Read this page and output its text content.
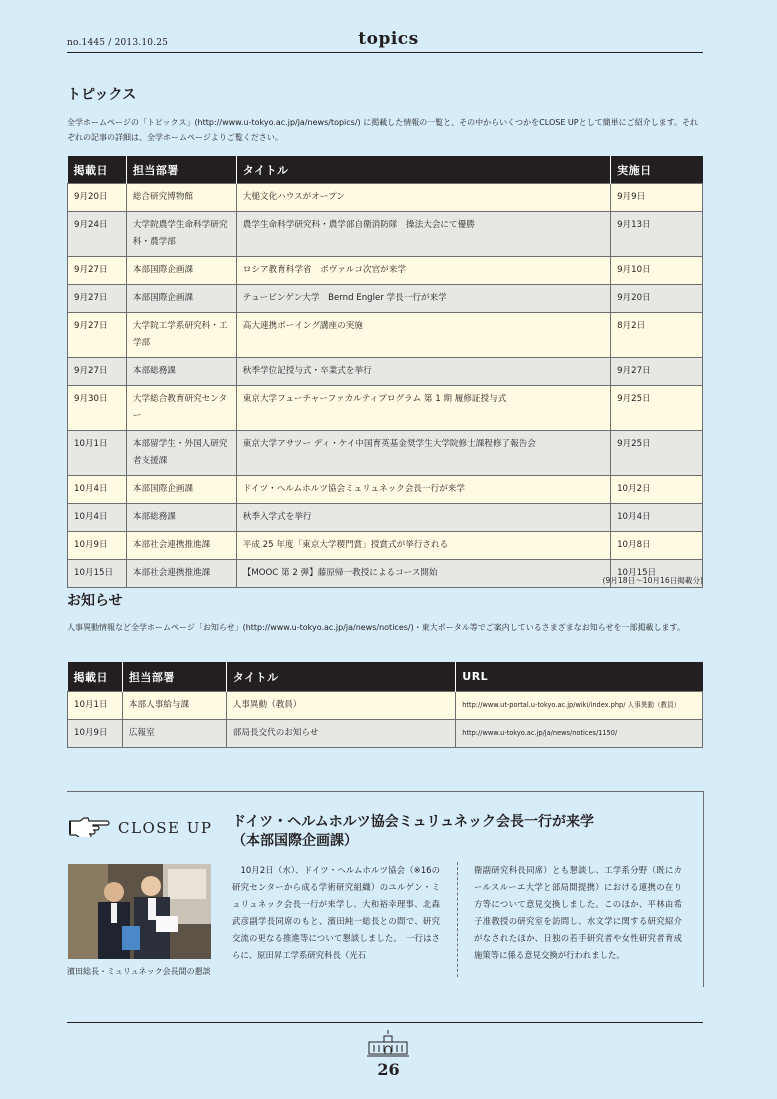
no.1445 / 2013.10.25	topics
トピックス
全学ホームページの「トピックス」(http://www.u-tokyo.ac.jp/ja/news/topics/) に掲載した情報の一覧と、その中からいくつかをCLOSE UPとして簡単にご紹介します。それぞれの記事の詳細は、全学ホームページよりご覧ください。
掲載日	担当部署	タイトル	実施日
9月20日	総合研究博物館	大槌文化ハウスがオープン	9月9日
9月24日	大学院農学生命科学研究科・農学部	農学生命科学研究科・農学部自衛消防隊　操法大会にて優勝	9月13日
9月27日	本部国際企画課	ロシア教育科学省　ボヴァルコ次官が来学	9月10日
9月27日	本部国際企画課	テュービンゲン大学　Bernd Engler 学長一行が来学	9月20日
9月27日	大学院工学系研究科・工学部	高大連携ボーイング講座の実施	8月2日
9月27日	本部総務課	秋季学位記授与式・卒業式を挙行	9月27日
9月30日	大学総合教育研究センター	東京大学フューチャーファカルティプログラム 第 1 期 履修証授与式	9月25日
10月1日	本部留学生・外国人研究者支援課	東京大学アサツー ディ・ケイ中国育英基金奨学生大学院修士課程修了報告会	9月25日
10月4日	本部国際企画課	ドイツ・ヘルムホルツ協会ミュリュネック会長一行が来学	10月2日
10月4日	本部総務課	秋季入学式を挙行	10月4日
10月9日	本部社会連携推進課	平成 25 年度「東京大学稷門賞」授賞式が挙行される	10月8日
10月15日	本部社会連携推進課	【MOOC 第 2 弾】藤原帰一教授によるコース開始	10月15日
(9月18日〜10月16日掲載分)
お知らせ
人事異動情報など全学ホームページ「お知らせ」(http://www.u-tokyo.ac.jp/ja/news/notices/)・東大ポータル等でご案内しているさまざまなお知らせを一部掲載します。
掲載日	担当部署	タイトル	URL
10月1日	本部人事給与課	人事異動（教員）	http://www.ut-portal.u-tokyo.ac.jp/wiki/index.php/ 人事異動（教員）
10月9日	広報室	部局長交代のお知らせ	http://www.u-tokyo.ac.jp/ja/news/notices/1150/
CLOSE UP ドイツ・ヘルムホルツ協会ミュリュネック会長一行が来学
（本部国際企画課）
濱田総長・ミュリュネック会長間の懇談
　10月2日（水）、ドイツ・ヘルムホルツ協会（※16の研究センターから成る学術研究組織）のユルゲン・ミュリュネック会長一行が来学し、大和裕幸理事、北森武彦副学長同席のもと、濱田純一総長との間で、研究交流の更なる推進等について懇談しました。　一行はさらに、原田昇工学系研究科長（光石
衛副研究科長同席）とも懇談し、工学系分野（既にカールスルーエ大学と部局間提携）における連携の在り方等について意見交換しました。このほか、平林由希子准教授の研究室を訪問し、水文学に関する研究紹介がなされたほか、日独の若手研究者や女性研究者育成施策等に係る意見交換が行われました。
26
